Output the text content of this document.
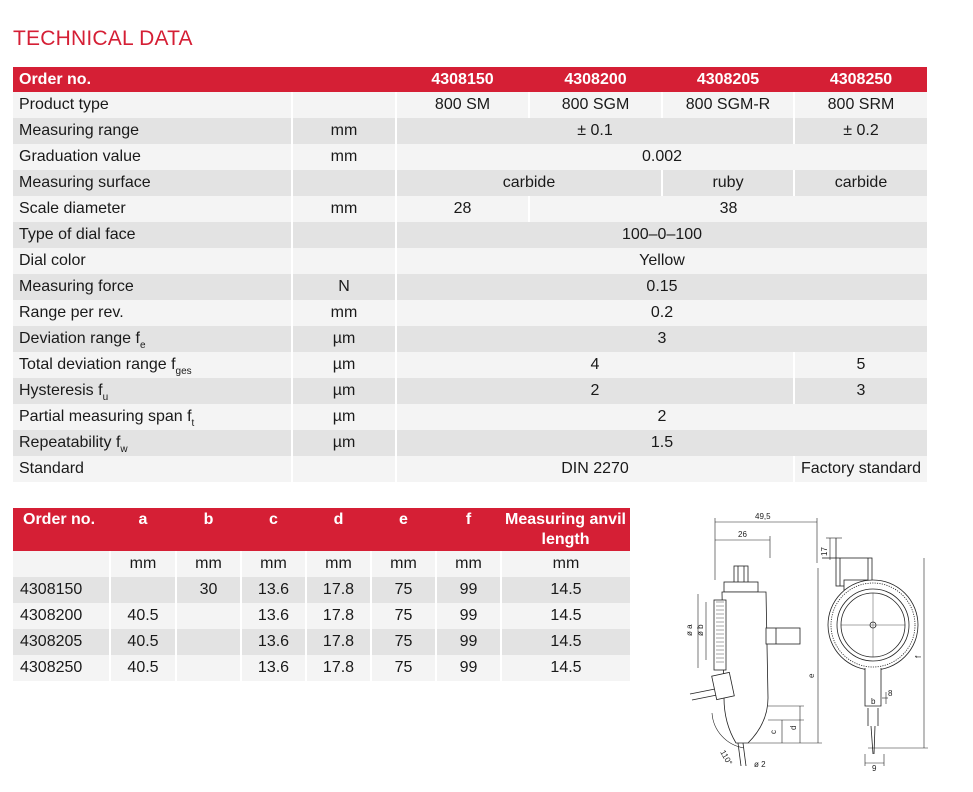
TECHNICAL DATA
Order no.		4308150	4308200	4308205	4308250
Product type		800 SM	800 SGM	800 SGM-R	800 SRM
Measuring range	mm	± 0.1			± 0.2
Graduation value	mm	0.002			
Measuring surface		carbide		ruby	carbide
Scale diameter	mm	28	38		
Type of dial face		100–0–100			
Dial color		Yellow			
Measuring force	N	0.15			
Range per rev.	mm	0.2			
Deviation range $f_e$	µm	3			
Total deviation range $f_{ges}$	µm	4			5
Hysteresis $f_u$	µm	2			3
Partial measuring span $f_t$	µm	2			
Repeatability $f_w$	µm	1.5			
Standard		DIN 2270			Factory standard
Order no.	a	b	c	d	e	f	Measuring anvil length
	mm	mm	mm	mm	mm	mm	mm
4308150		30	13.6	17.8	75	99	14.5
4308200	40.5		13.6	17.8	75	99	14.5
4308205	40.5		13.6	17.8	75	99	14.5
4308250	40.5		13.6	17.8	75	99	14.5
49,5
26
110° ø 2
ø a ø b
c
d
e
17
f
8
b
9
